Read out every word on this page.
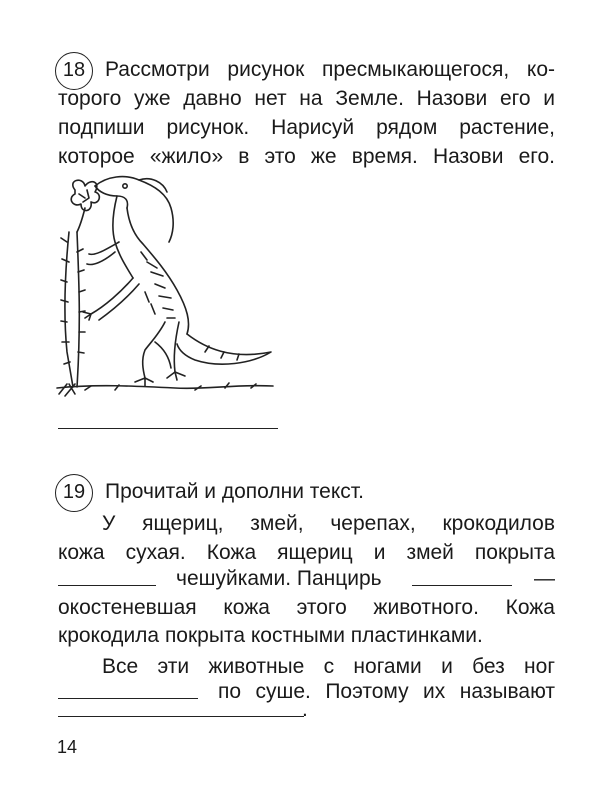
18 Рассмотри рисунок пресмыкающегося, ко-
торого уже давно нет на Земле. Назови его и
подпиши рисунок. Нарисуй рядом растение,
которое «жило» в это же время. Назови его.
19 Прочитай и дополни текст.
У ящериц, змей, черепах, крокодилов
кожа сухая. Кожа ящериц и змей покрыта
чешуйками. Панцирь	—
окостеневшая кожа этого животного. Кожа
крокодила покрыта костными пластинками.
Все эти животные с ногами и без ног
по суше. Поэтому их называют
.
14
